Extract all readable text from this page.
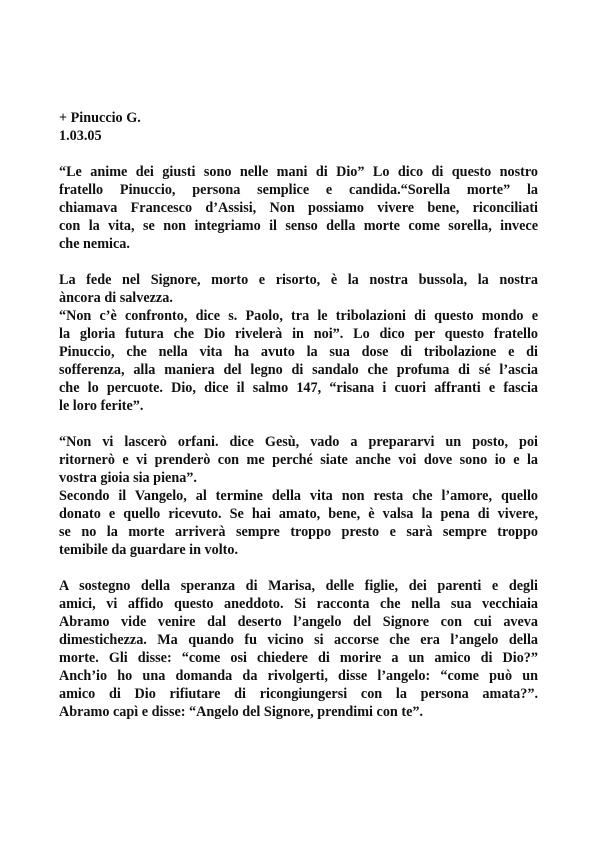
+ Pinuccio G.
1.03.05
“Le anime dei giusti sono nelle mani di Dio” Lo dico di questo nostro
fratello Pinuccio, persona semplice e candida.“Sorella morte” la
chiamava Francesco d’Assisi, Non possiamo vivere bene, riconciliati
con la vita, se non integriamo il senso della morte come sorella, invece
che nemica.
La fede nel Signore, morto e risorto, è la nostra bussola, la nostra
àncora di salvezza.
“Non c’è confronto, dice s. Paolo, tra le tribolazioni di questo mondo e
la gloria futura che Dio rivelerà in noi”. Lo dico per questo fratello
Pinuccio, che nella vita ha avuto la sua dose di tribolazione e di
sofferenza, alla maniera del legno di sandalo che profuma di sé l’ascia
che lo percuote. Dio, dice il salmo 147, “risana i cuori affranti e fascia
le loro ferite”.
“Non vi lascerò orfani. dice Gesù, vado a prepararvi un posto, poi
ritornerò e vi prenderò con me perché siate anche voi dove sono io e la
vostra gioia sia piena”.
Secondo il Vangelo, al termine della vita non resta che l’amore, quello
donato e quello ricevuto. Se hai amato, bene, è valsa la pena di vivere,
se no la morte arriverà sempre troppo presto e sarà sempre troppo
temibile da guardare in volto.
A sostegno della speranza di Marisa, delle figlie, dei parenti e degli
amici, vi affido questo aneddoto. Si racconta che nella sua vecchiaia
Abramo vide venire dal deserto l’angelo del Signore con cui aveva
dimestichezza. Ma quando fu vicino si accorse che era l’angelo della
morte. Gli disse: “come osi chiedere di morire a un amico di Dio?”
Anch’io ho una domanda da rivolgerti, disse l’angelo: “come può un
amico di Dio rifiutare di ricongiungersi con la persona amata?”.
Abramo capì e disse: “Angelo del Signore, prendimi con te”.
